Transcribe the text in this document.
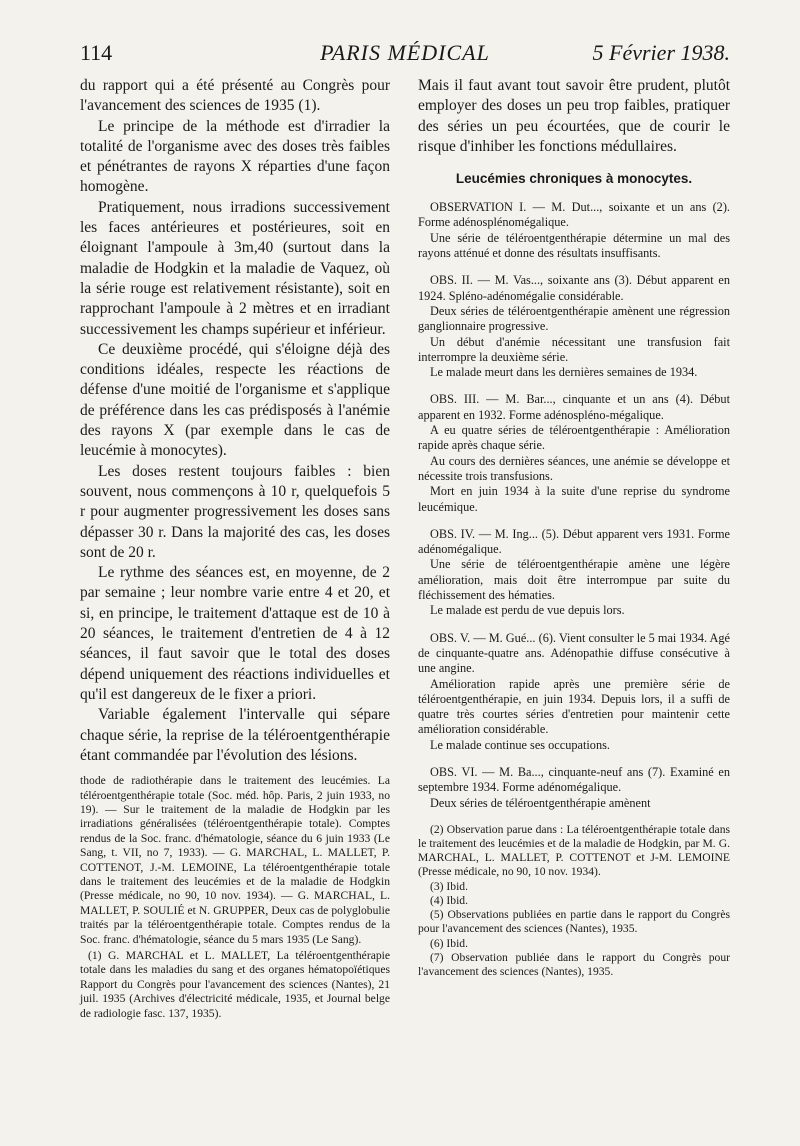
114	PARIS MÉDICAL	5 Février 1938.

du rapport qui a été présenté au Congrès pour l'avancement des sciences de 1935 (1).

Le principe de la méthode est d'irradier la totalité de l'organisme avec des doses très faibles et pénétrantes de rayons X réparties d'une façon homogène.

Pratiquement, nous irradions successivement les faces antérieures et postérieures, soit en éloignant l'ampoule à 3m,40 (surtout dans la maladie de Hodgkin et la maladie de Vaquez, où la série rouge est relativement résistante), soit en rapprochant l'ampoule à 2 mètres et en irradiant successivement les champs supérieur et inférieur.

Ce deuxième procédé, qui s'éloigne déjà des conditions idéales, respecte les réactions de défense d'une moitié de l'organisme et s'applique de préférence dans les cas prédisposés à l'anémie des rayons X (par exemple dans le cas de leucémie à monocytes).

Les doses restent toujours faibles : bien souvent, nous commençons à 10 r, quelquefois 5 r pour augmenter progressivement les doses sans dépasser 30 r. Dans la majorité des cas, les doses sont de 20 r.

Le rythme des séances est, en moyenne, de 2 par semaine ; leur nombre varie entre 4 et 20, et si, en principe, le traitement d'attaque est de 10 à 20 séances, le traitement d'entretien de 4 à 12 séances, il faut savoir que le total des doses dépend uniquement des réactions individuelles et qu'il est dangereux de le fixer a priori.

Variable également l'intervalle qui sépare chaque série, la reprise de la téléroentgenthérapie étant commandée par l'évolution des lésions.

thode de radiothérapie dans le traitement des leucémies. La téléroentgenthérapie totale (Soc. méd. hôp. Paris, 2 juin 1933, no 19). — Sur le traitement de la maladie de Hodgkin par les irradiations généralisées (téléroentgenthérapie totale). Comptes rendus de la Soc. franc. d'hématologie, séance du 6 juin 1933 (Le Sang, t. VII, no 7, 1933). — G. MARCHAL, L. MALLET, P. COTTENOT, J.-M. LEMOINE, La téléroentgenthérapie totale dans le traitement des leucémies et de la maladie de Hodgkin (Presse médicale, no 90, 10 nov. 1934). — G. MARCHAL, L. MALLET, P. SOULIÉ et N. GRUPPER, Deux cas de polyglobulie traités par la téléroentgenthérapie totale. Comptes rendus de la Soc. franc. d'hématologie, séance du 5 mars 1935 (Le Sang).

(1) G. MARCHAL et L. MALLET, La téléroentgenthérapie totale dans les maladies du sang et des organes hématopoïétiques Rapport du Congrès pour l'avancement des sciences (Nantes), 21 juil. 1935 (Archives d'électricité médicale, 1935, et Journal belge de radiologie fasc. 137, 1935).

Mais il faut avant tout savoir être prudent, plutôt employer des doses un peu trop faibles, pratiquer des séries un peu écourtées, que de courir le risque d'inhiber les fonctions médullaires.

Leucémies chroniques à monocytes.

OBSERVATION I. — M. Dut..., soixante et un ans (2). Forme adénosplénomégalique.

Une série de téléroentgenthérapie détermine un mal des rayons atténué et donne des résultats insuffisants.

OBS. II. — M. Vas..., soixante ans (3). Début apparent en 1924. Spléno-adénomégalie considérable.

Deux séries de téléroentgenthérapie amènent une régression ganglionnaire progressive.

Un début d'anémie nécessitant une transfusion fait interrompre la deuxième série.

Le malade meurt dans les dernières semaines de 1934.

OBS. III. — M. Bar..., cinquante et un ans (4). Début apparent en 1932. Forme adénospléno-mégalique.

A eu quatre séries de téléroentgenthérapie : Amélioration rapide après chaque série.

Au cours des dernières séances, une anémie se développe et nécessite trois transfusions.

Mort en juin 1934 à la suite d'une reprise du syndrome leucémique.

OBS. IV. — M. Ing... (5). Début apparent vers 1931. Forme adénomégalique.

Une série de téléroentgenthérapie amène une légère amélioration, mais doit être interrompue par suite du fléchissement des hématies.

Le malade est perdu de vue depuis lors.

OBS. V. — M. Gué... (6). Vient consulter le 5 mai 1934. Agé de cinquante-quatre ans. Adénopathie diffuse consécutive à une angine.

Amélioration rapide après une première série de téléroentgenthérapie, en juin 1934. Depuis lors, il a suffi de quatre très courtes séries d'entretien pour maintenir cette amélioration considérable.

Le malade continue ses occupations.

OBS. VI. — M. Ba..., cinquante-neuf ans (7). Examiné en septembre 1934. Forme adénomégalique.

Deux séries de téléroentgenthérapie amènent

(2) Observation parue dans : La téléroentgenthérapie totale dans le traitement des leucémies et de la maladie de Hodgkin, par M. G. MARCHAL, L. MALLET, P. COTTENOT et J-M. LEMOINE (Presse médicale, no 90, 10 nov. 1934).

(3) Ibid.

(4) Ibid.

(5) Observations publiées en partie dans le rapport du Congrès pour l'avancement des sciences (Nantes), 1935.

(6) Ibid.

(7) Observation publiée dans le rapport du Congrès pour l'avancement des sciences (Nantes), 1935.
